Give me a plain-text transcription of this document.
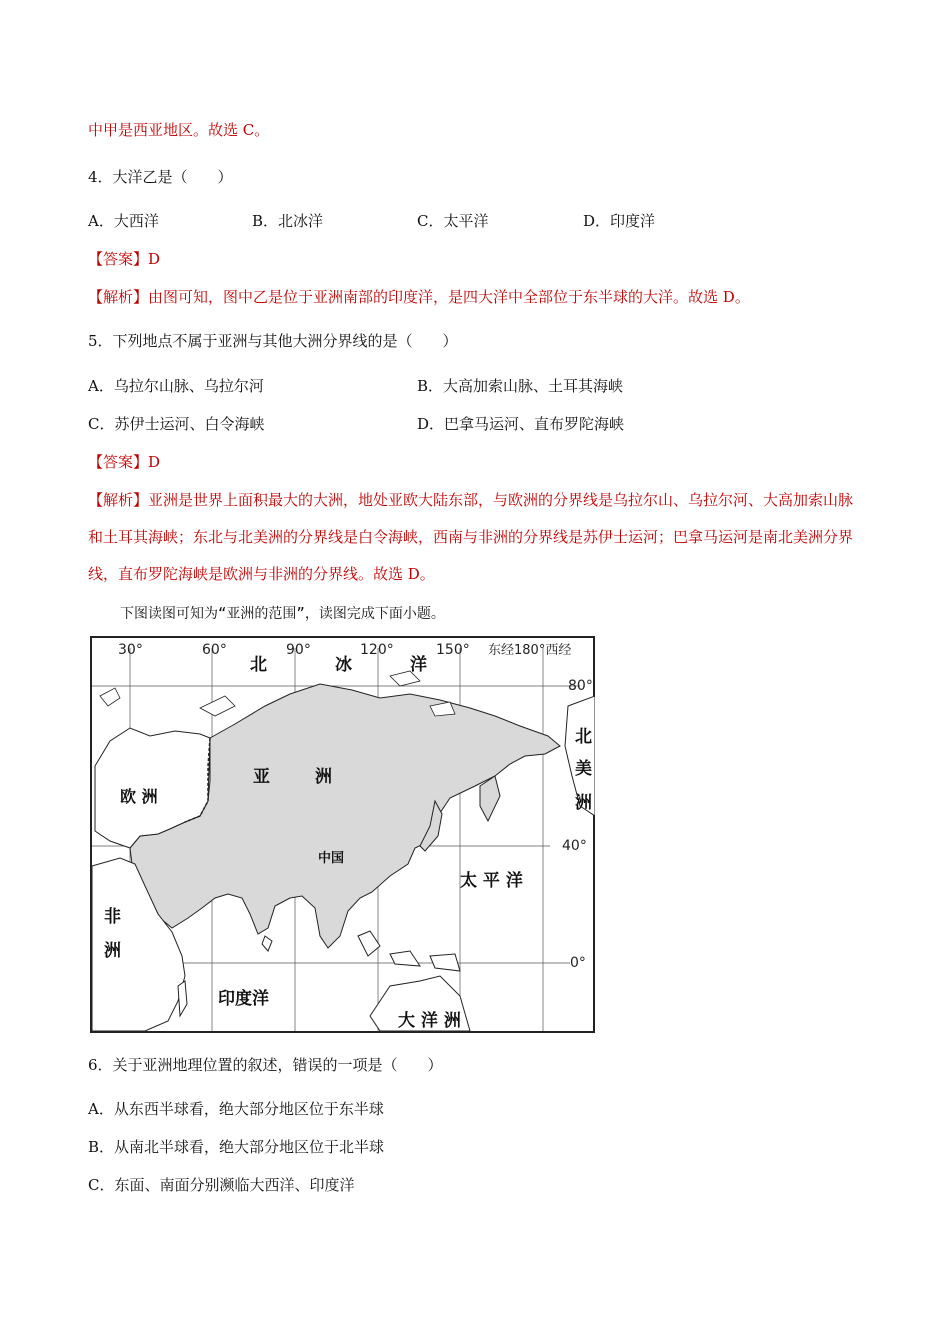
中甲是西亚地区。故选 C。
4．大洋乙是（　　）
A．大西洋	B．北冰洋	C．太平洋	D．印度洋
【答案】D
【解析】由图可知，图中乙是位于亚洲南部的印度洋，是四大洋中全部位于东半球的大洋。故选 D。
5．下列地点不属于亚洲与其他大洲分界线的是（　　）
A．乌拉尔山脉、乌拉尔河	B．大高加索山脉、土耳其海峡
C．苏伊士运河、白令海峡	D．巴拿马运河、直布罗陀海峡
【答案】D
【解析】亚洲是世界上面积最大的大洲，地处亚欧大陆东部，与欧洲的分界线是乌拉尔山、乌拉尔河、大高加索山脉和土耳其海峡；东北与北美洲的分界线是白令海峡，西南与非洲的分界线是苏伊士运河；巴拿马运河是南北美洲分界线，直布罗陀海峡是欧洲与非洲的分界线。故选 D。
下图读图可知为“亚洲的范围”，读图完成下面小题。
30°	60°	90°	120°	150° 东经180°西经
80°
40°
0°
北	冰	洋
亚	洲
欧 洲
中国
北
美
洲
太 平 洋
非
洲
印度洋
大 洋 洲
6．关于亚洲地理位置的叙述，错误的一项是（　　）
A．从东西半球看，绝大部分地区位于东半球
B．从南北半球看，绝大部分地区位于北半球
C．东面、南面分别濒临大西洋、印度洋
